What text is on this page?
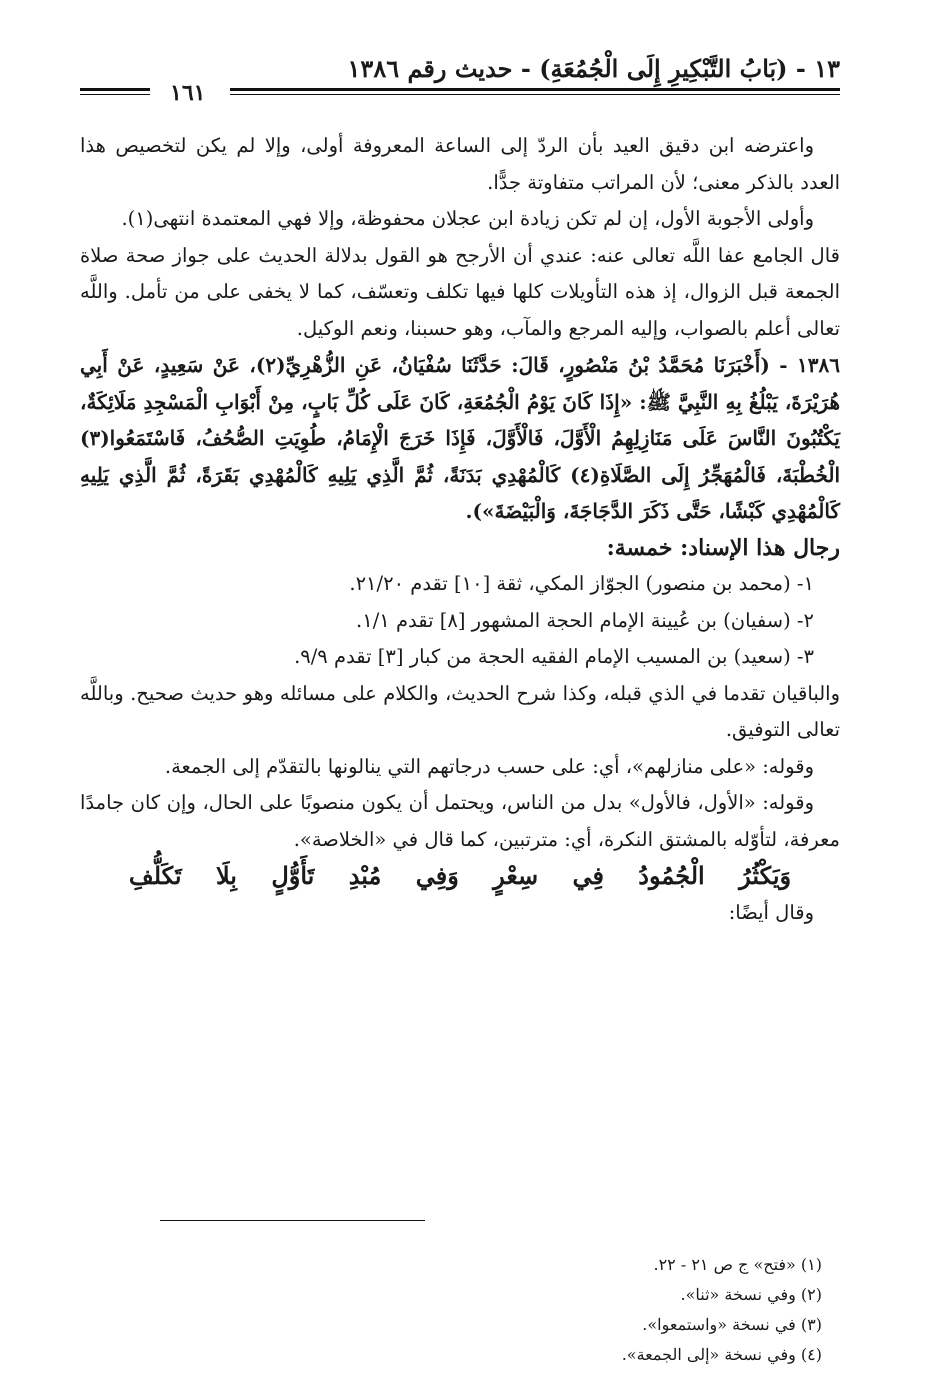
١٣ - (بَابُ التَّبْكِيرِ إِلَى الْجُمُعَةِ) - حديث رقم ١٣٨٦
١٦١

واعترضه ابن دقيق العيد بأن الردّ إلى الساعة المعروفة أولى، وإلا لم يكن لتخصيص هذا العدد بالذكر معنى؛ لأن المراتب متفاوتة جدًّا.

وأولى الأجوبة الأول، إن لم تكن زيادة ابن عجلان محفوظة، وإلا فهي المعتمدة انتهى(١).

قال الجامع عفا اللَّه تعالى عنه: عندي أن الأرجح هو القول بدلالة الحديث على جواز صحة صلاة الجمعة قبل الزوال، إذ هذه التأويلات كلها فيها تكلف وتعسّف، كما لا يخفى على من تأمل. واللَّه تعالى أعلم بالصواب، وإليه المرجع والمآب، وهو حسبنا، ونعم الوكيل.

١٣٨٦ - (أَخْبَرَنَا مُحَمَّدُ بْنُ مَنْصُورٍ، قَالَ: حَدَّثَنَا سُفْيَانُ، عَنِ الزُّهْرِيِّ(٢)، عَنْ سَعِيدٍ، عَنْ أَبِي هُرَيْرَةَ، يَبْلُغُ بِهِ النَّبِيَّ ﷺ: «إِذَا كَانَ يَوْمُ الْجُمُعَةِ، كَانَ عَلَى كُلِّ بَابٍ، مِنْ أَبْوَابِ الْمَسْجِدِ مَلَائِكَةٌ، يَكْتُبُونَ النَّاسَ عَلَى مَنَازِلِهِمُ الْأَوَّلَ، فَالْأَوَّلَ، فَإِذَا خَرَجَ الْإِمَامُ، طُوِيَتِ الصُّحُفُ، فَاسْتَمَعُوا(٣) الْخُطْبَةَ، فَالْمُهَجِّرُ إِلَى الصَّلَاةِ(٤) كَالْمُهْدِي بَدَنَةً، ثُمَّ الَّذِي يَلِيهِ كَالْمُهْدِي بَقَرَةً، ثُمَّ الَّذِي يَلِيهِ كَالْمُهْدِي كَبْشًا، حَتَّى ذَكَرَ الدَّجَاجَةَ، وَالْبَيْضَةَ»).

رجال هذا الإسناد: خمسة:

١- (محمد بن منصور) الجوّاز المكي، ثقة [١٠] تقدم ٢١/٢٠.

٢- (سفيان) بن عُيينة الإمام الحجة المشهور [٨] تقدم ١/١.

٣- (سعيد) بن المسيب الإمام الفقيه الحجة من كبار [٣] تقدم ٩/٩.

والباقيان تقدما في الذي قبله، وكذا شرح الحديث، والكلام على مسائله وهو حديث صحيح. وباللَّه تعالى التوفيق.

وقوله: «على منازلهم»، أي: على حسب درجاتهم التي ينالونها بالتقدّم إلى الجمعة.

وقوله: «الأول، فالأول» بدل من الناس، ويحتمل أن يكون منصوبًا على الحال، وإن كان جامدًا معرفة، لتأوّله بالمشتق النكرة، أي: مترتبين، كما قال في «الخلاصة».

وَيَكْثُرُ الْجُمُودُ فِي سِعْرٍ وَفِي مُبْدِ تَأَوُّلٍ بِلَا تَكَلُّفِ

وقال أيضًا:

(١) «فتح» ج ص ٢١ - ٢٢.

(٢) وفي نسخة «ثنا».

(٣) في نسخة «واستمعوا».

(٤) وفي نسخة «إلى الجمعة».
